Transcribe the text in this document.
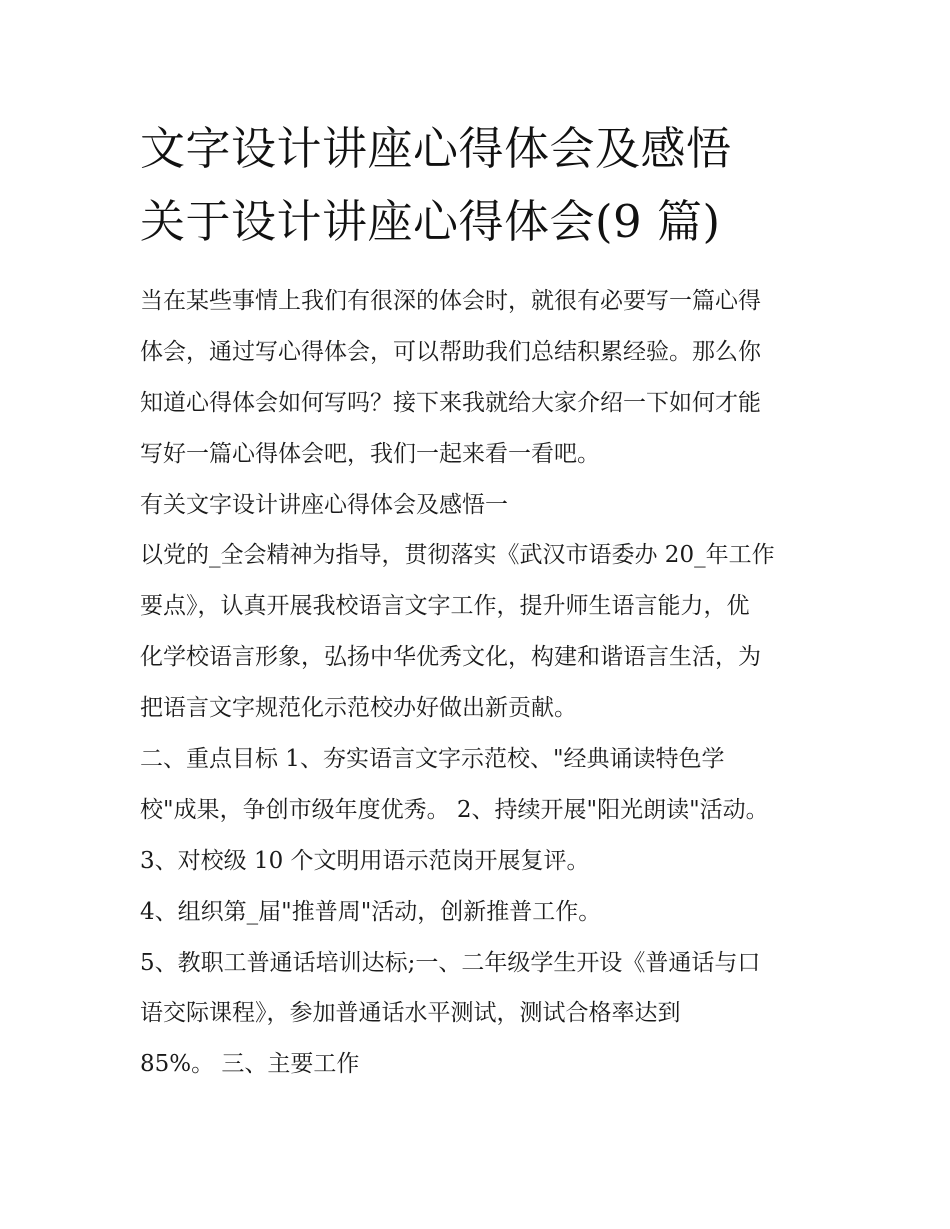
文字设计讲座心得体会及感悟
关于设计讲座心得体会(9 篇)
当在某些事情上我们有很深的体会时，就很有必要写一篇心得
体会，通过写心得体会，可以帮助我们总结积累经验。那么你
知道心得体会如何写吗？接下来我就给大家介绍一下如何才能
写好一篇心得体会吧，我们一起来看一看吧。
有关文字设计讲座心得体会及感悟一
以党的_全会精神为指导，贯彻落实《武汉市语委办 20_年工作
要点》，认真开展我校语言文字工作，提升师生语言能力，优
化学校语言形象，弘扬中华优秀文化，构建和谐语言生活，为
把语言文字规范化示范校办好做出新贡献。
二、重点目标 1、夯实语言文字示范校、"经典诵读特色学
校"成果，争创市级年度优秀。 2、持续开展"阳光朗读"活动。
3、对校级 10 个文明用语示范岗开展复评。
4、组织第_届"推普周"活动，创新推普工作。
5、教职工普通话培训达标;一、二年级学生开设《普通话与口
语交际课程》，参加普通话水平测试，测试合格率达到
85%。 三、主要工作
